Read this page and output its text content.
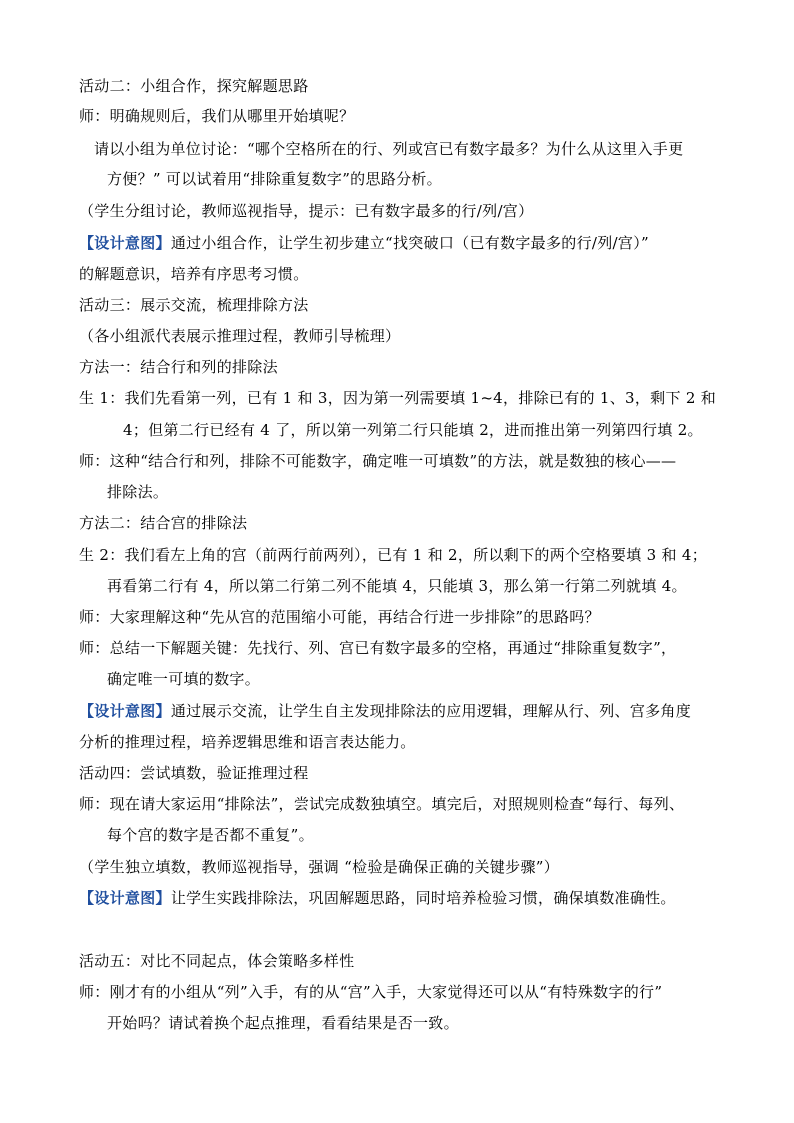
活动二：小组合作，探究解题思路
师：明确规则后，我们从哪里开始填呢？
请以小组为单位讨论：“哪个空格所在的行、列或宫已有数字最多？为什么从这里入手更
方便？” 可以试着用“排除重复数字”的思路分析。
（学生分组讨论，教师巡视指导，提示：已有数字最多的行/列/宫）
【设计意图】通过小组合作，让学生初步建立“找突破口（已有数字最多的行/列/宫）”
的解题意识，培养有序思考习惯。
活动三：展示交流，梳理排除方法
（各小组派代表展示推理过程，教师引导梳理）
方法一：结合行和列的排除法
生 1：我们先看第一列，已有 1 和 3，因为第一列需要填 1~4，排除已有的 1、3，剩下 2 和
4；但第二行已经有 4 了，所以第一列第二行只能填 2，进而推出第一列第四行填 2。
师：这种“结合行和列，排除不可能数字，确定唯一可填数”的方法，就是数独的核心——
排除法。
方法二：结合宫的排除法
生 2：我们看左上角的宫（前两行前两列），已有 1 和 2，所以剩下的两个空格要填 3 和 4；
再看第二行有 4，所以第二行第二列不能填 4，只能填 3，那么第一行第二列就填 4。
师：大家理解这种“先从宫的范围缩小可能，再结合行进一步排除”的思路吗？
师：总结一下解题关键：先找行、列、宫已有数字最多的空格，再通过“排除重复数字”，
确定唯一可填的数字。
【设计意图】通过展示交流，让学生自主发现排除法的应用逻辑，理解从行、列、宫多角度
分析的推理过程，培养逻辑思维和语言表达能力。
活动四：尝试填数，验证推理过程
师：现在请大家运用“排除法”，尝试完成数独填空。填完后，对照规则检查“每行、每列、
每个宫的数字是否都不重复”。
（学生独立填数，教师巡视指导，强调 “检验是确保正确的关键步骤”）
【设计意图】让学生实践排除法，巩固解题思路，同时培养检验习惯，确保填数准确性。
活动五：对比不同起点，体会策略多样性
师：刚才有的小组从“列”入手，有的从“宫”入手，大家觉得还可以从“有特殊数字的行”
开始吗？请试着换个起点推理，看看结果是否一致。
